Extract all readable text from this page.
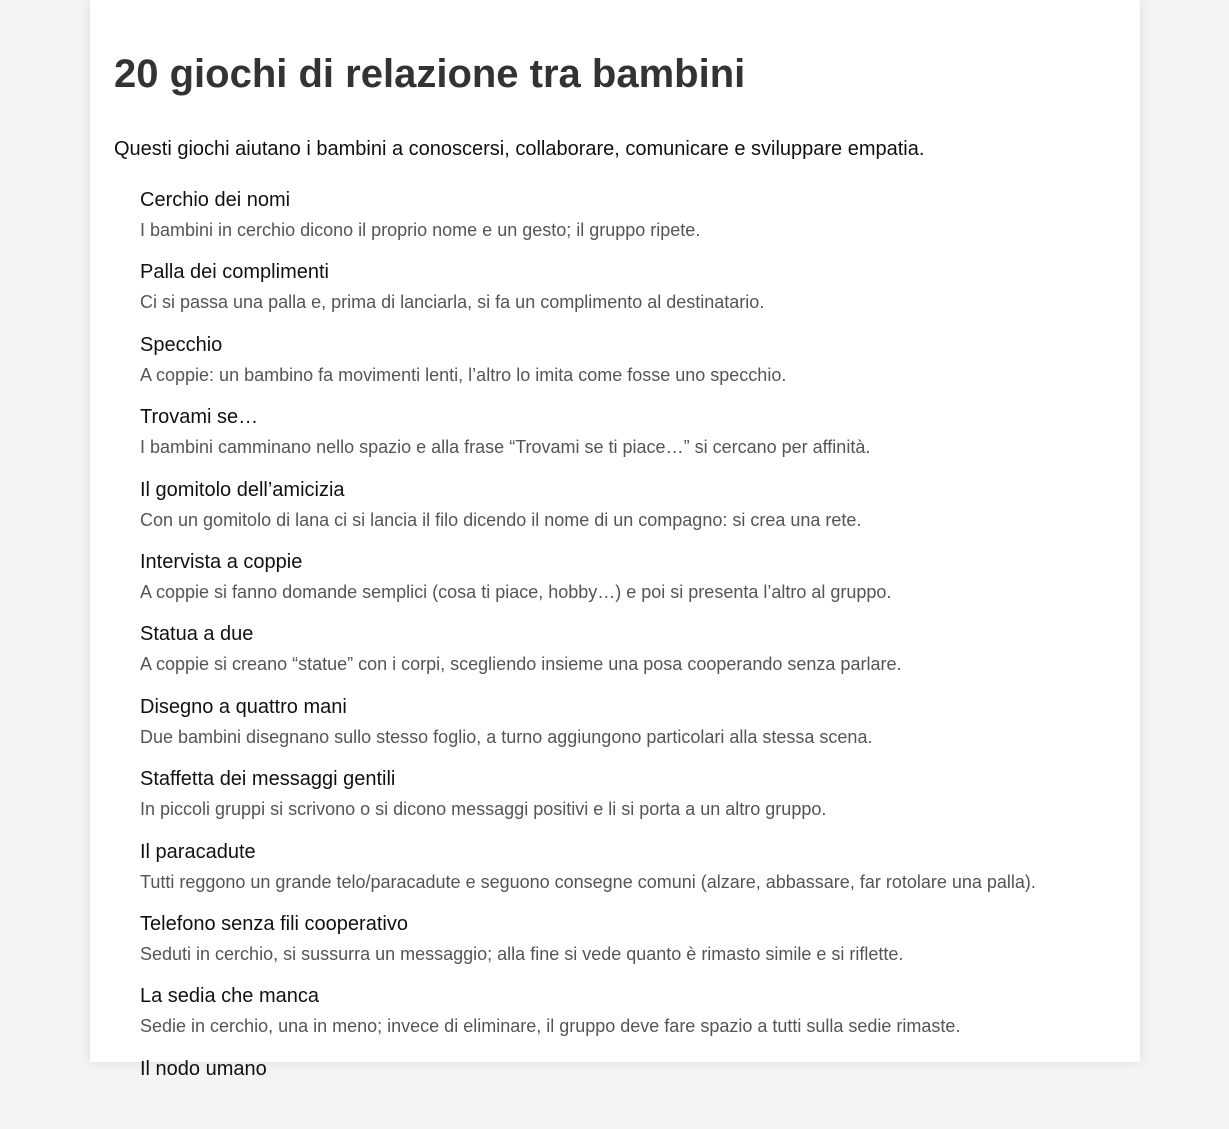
20 giochi di relazione tra bambini

Questi giochi aiutano i bambini a conoscersi, collaborare, comunicare e sviluppare empatia.

Cerchio dei nomi
I bambini in cerchio dicono il proprio nome e un gesto; il gruppo ripete.
Palla dei complimenti
Ci si passa una palla e, prima di lanciarla, si fa un complimento al destinatario.
Specchio
A coppie: un bambino fa movimenti lenti, l’altro lo imita come fosse uno specchio.
Trovami se…
I bambini camminano nello spazio e alla frase “Trovami se ti piace…” si cercano per affinità.
Il gomitolo dell’amicizia
Con un gomitolo di lana ci si lancia il filo dicendo il nome di un compagno: si crea una rete.
Intervista a coppie
A coppie si fanno domande semplici (cosa ti piace, hobby…) e poi si presenta l’altro al gruppo.
Statua a due
A coppie si creano “statue” con i corpi, scegliendo insieme una posa cooperando senza parlare.
Disegno a quattro mani
Due bambini disegnano sullo stesso foglio, a turno aggiungono particolari alla stessa scena.
Staffetta dei messaggi gentili
In piccoli gruppi si scrivono o si dicono messaggi positivi e li si porta a un altro gruppo.
Il paracadute
Tutti reggono un grande telo/paracadute e seguono consegne comuni (alzare, abbassare, far rotolare una palla).
Telefono senza fili cooperativo
Seduti in cerchio, si sussurra un messaggio; alla fine si vede quanto è rimasto simile e si riflette.
La sedia che manca
Sedie in cerchio, una in meno; invece di eliminare, il gruppo deve fare spazio a tutti sulla sedie rimaste.
Il nodo umano
